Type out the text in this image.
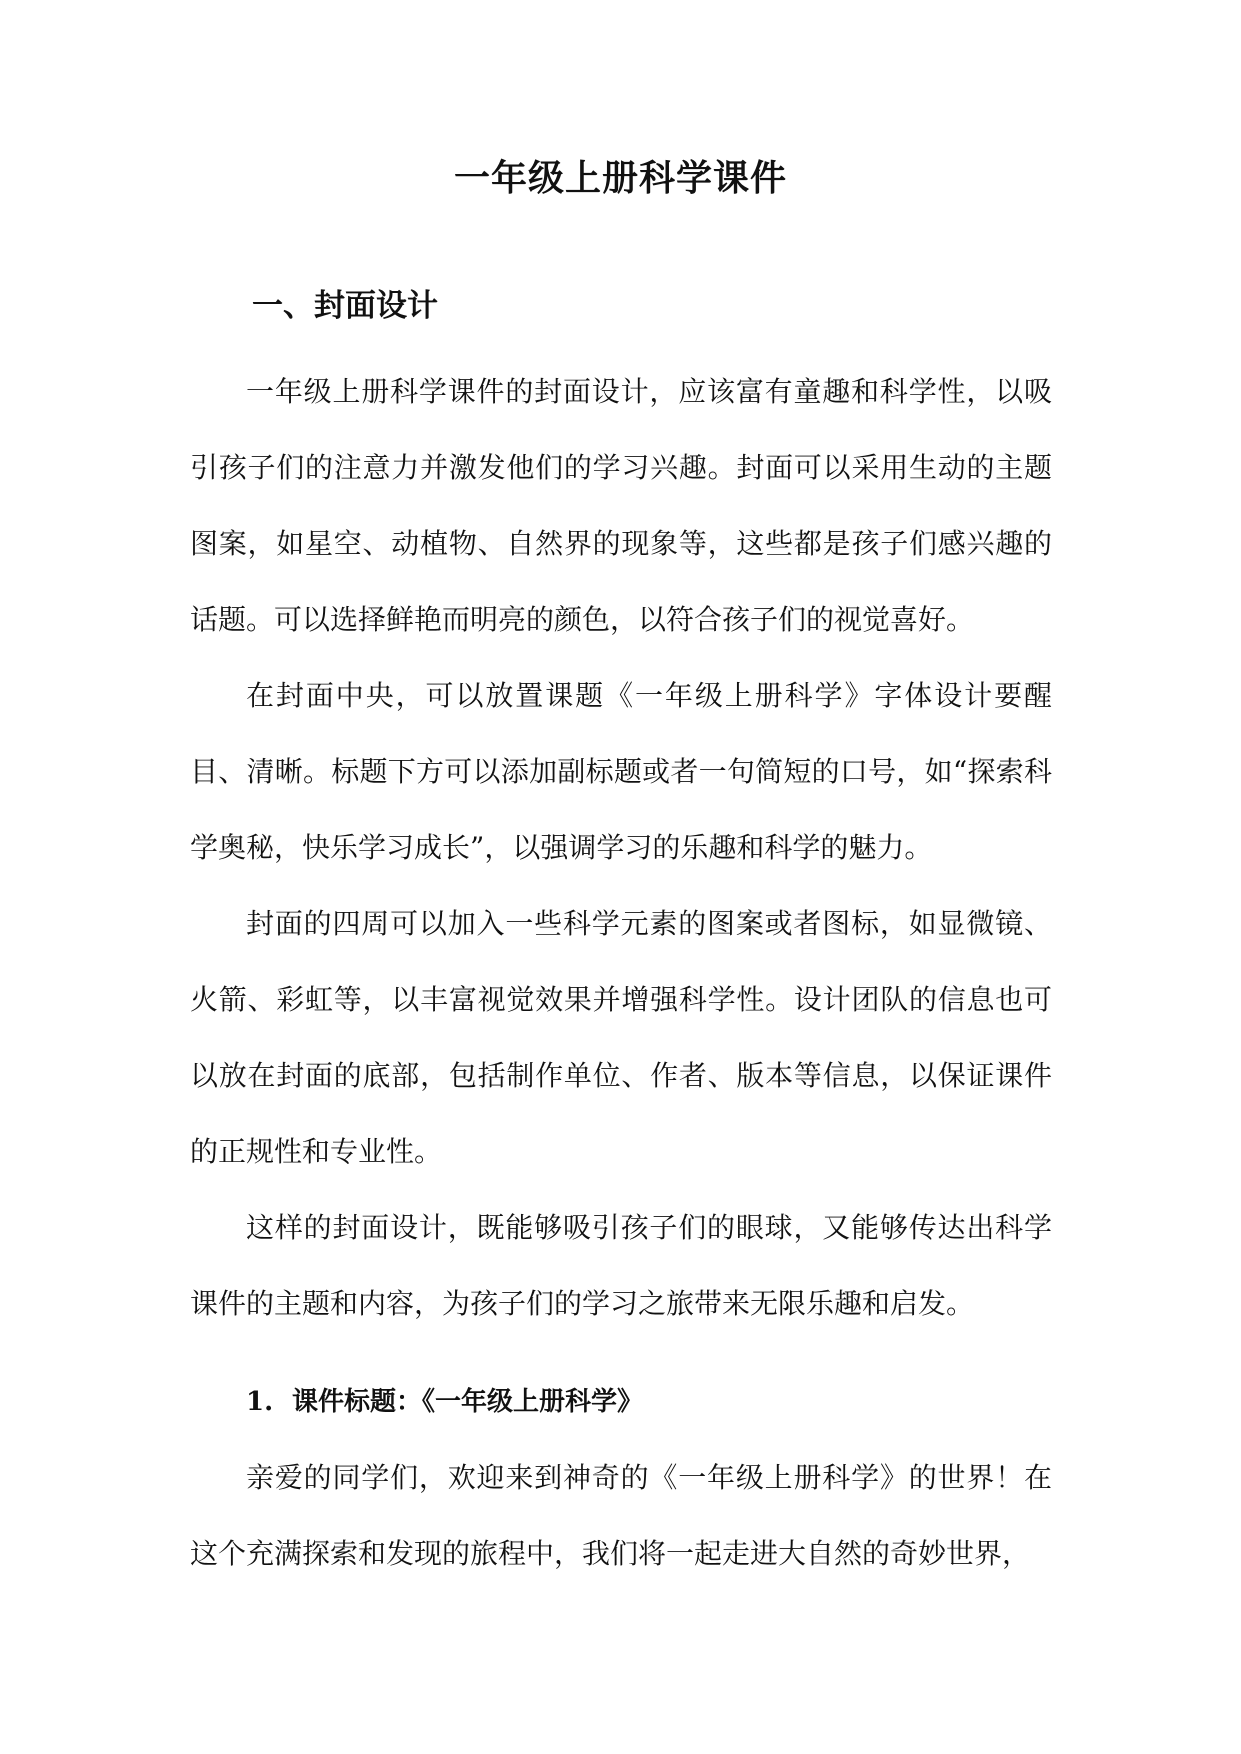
一年级上册科学课件
一、封面设计
一年级上册科学课件的封面设计，应该富有童趣和科学性，以吸引孩子们的注意力并激发他们的学习兴趣。封面可以采用生动的主题图案，如星空、动植物、自然界的现象等，这些都是孩子们感兴趣的话题。可以选择鲜艳而明亮的颜色，以符合孩子们的视觉喜好。
在封面中央，可以放置课题《一年级上册科学》字体设计要醒目、清晰。标题下方可以添加副标题或者一句简短的口号，如“探索科学奥秘，快乐学习成长”，以强调学习的乐趣和科学的魅力。
封面的四周可以加入一些科学元素的图案或者图标，如显微镜、火箭、彩虹等，以丰富视觉效果并增强科学性。设计团队的信息也可以放在封面的底部，包括制作单位、作者、版本等信息，以保证课件的正规性和专业性。
这样的封面设计，既能够吸引孩子们的眼球，又能够传达出科学课件的主题和内容，为孩子们的学习之旅带来无限乐趣和启发。
1. 课件标题：《一年级上册科学》
亲爱的同学们，欢迎来到神奇的《一年级上册科学》的世界！在这个充满探索和发现的旅程中，我们将一起走进大自然的奇妙世界，
